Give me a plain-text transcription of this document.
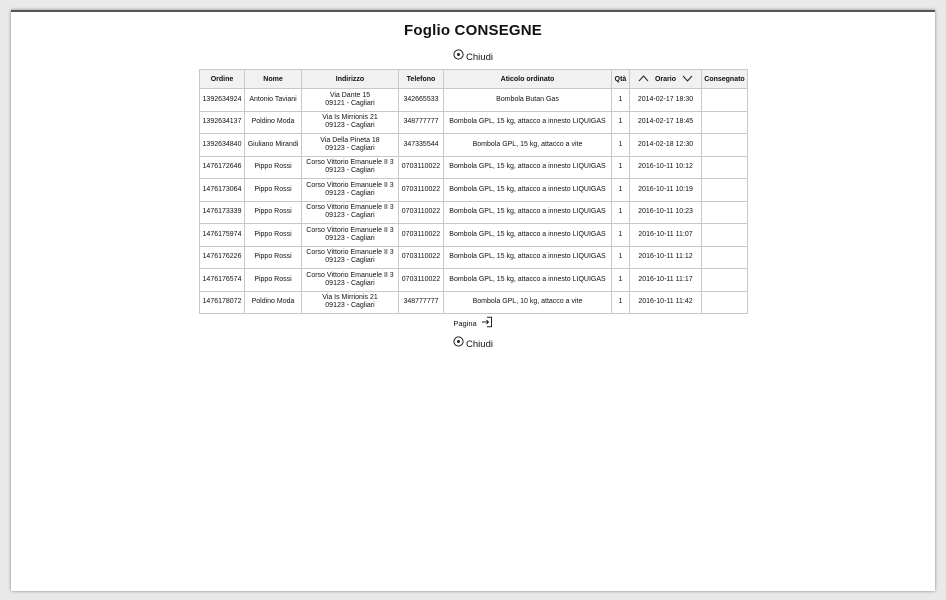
Foglio CONSEGNE
Chiudi
Ordine	Nome	Indirizzo	Telefono	Aticolo ordinato	Qtà	Orario	Consegnato
1392634924	Antonio Taviani	Via Dante 15
09121 - Cagliari	342665533	Bombola Butan Gas	1	2014-02-17 18:30	
1392634137	Poldino Moda	Via Is Mirrionis 21
09123 - Cagliari	348777777	Bombola GPL, 15 kg, attacco a innesto LIQUIGAS	1	2014-02-17 18:45	
1392634840	Giuliano Mirandi	Via Della Pineta 18
09123 - Cagliari	347335544	Bombola GPL, 15 kg, attacco a vite	1	2014-02-18 12:30	
1476172646	Pippo Rossi	Corso Vittorio Emanuele II 3
09123 - Cagliari	0703110022	Bombola GPL, 15 kg, attacco a innesto LIQUIGAS	1	2016-10-11 10:12	
1476173064	Pippo Rossi	Corso Vittorio Emanuele II 3
09123 - Cagliari	0703110022	Bombola GPL, 15 kg, attacco a innesto LIQUIGAS	1	2016-10-11 10:19	
1476173339	Pippo Rossi	Corso Vittorio Emanuele II 3
09123 - Cagliari	0703110022	Bombola GPL, 15 kg, attacco a innesto LIQUIGAS	1	2016-10-11 10:23	
1476175974	Pippo Rossi	Corso Vittorio Emanuele II 3
09123 - Cagliari	0703110022	Bombola GPL, 15 kg, attacco a innesto LIQUIGAS	1	2016-10-11 11:07	
1476176226	Pippo Rossi	Corso Vittorio Emanuele II 3
09123 - Cagliari	0703110022	Bombola GPL, 15 kg, attacco a innesto LIQUIGAS	1	2016-10-11 11:12	
1476176574	Pippo Rossi	Corso Vittorio Emanuele II 3
09123 - Cagliari	0703110022	Bombola GPL, 15 kg, attacco a innesto LIQUIGAS	1	2016-10-11 11:17	
1476178072	Poldino Moda	Via Is Mirrionis 21
09123 - Cagliari	348777777	Bombola GPL, 10 kg, attacco a vite	1	2016-10-11 11:42	
Pagina
Chiudi
